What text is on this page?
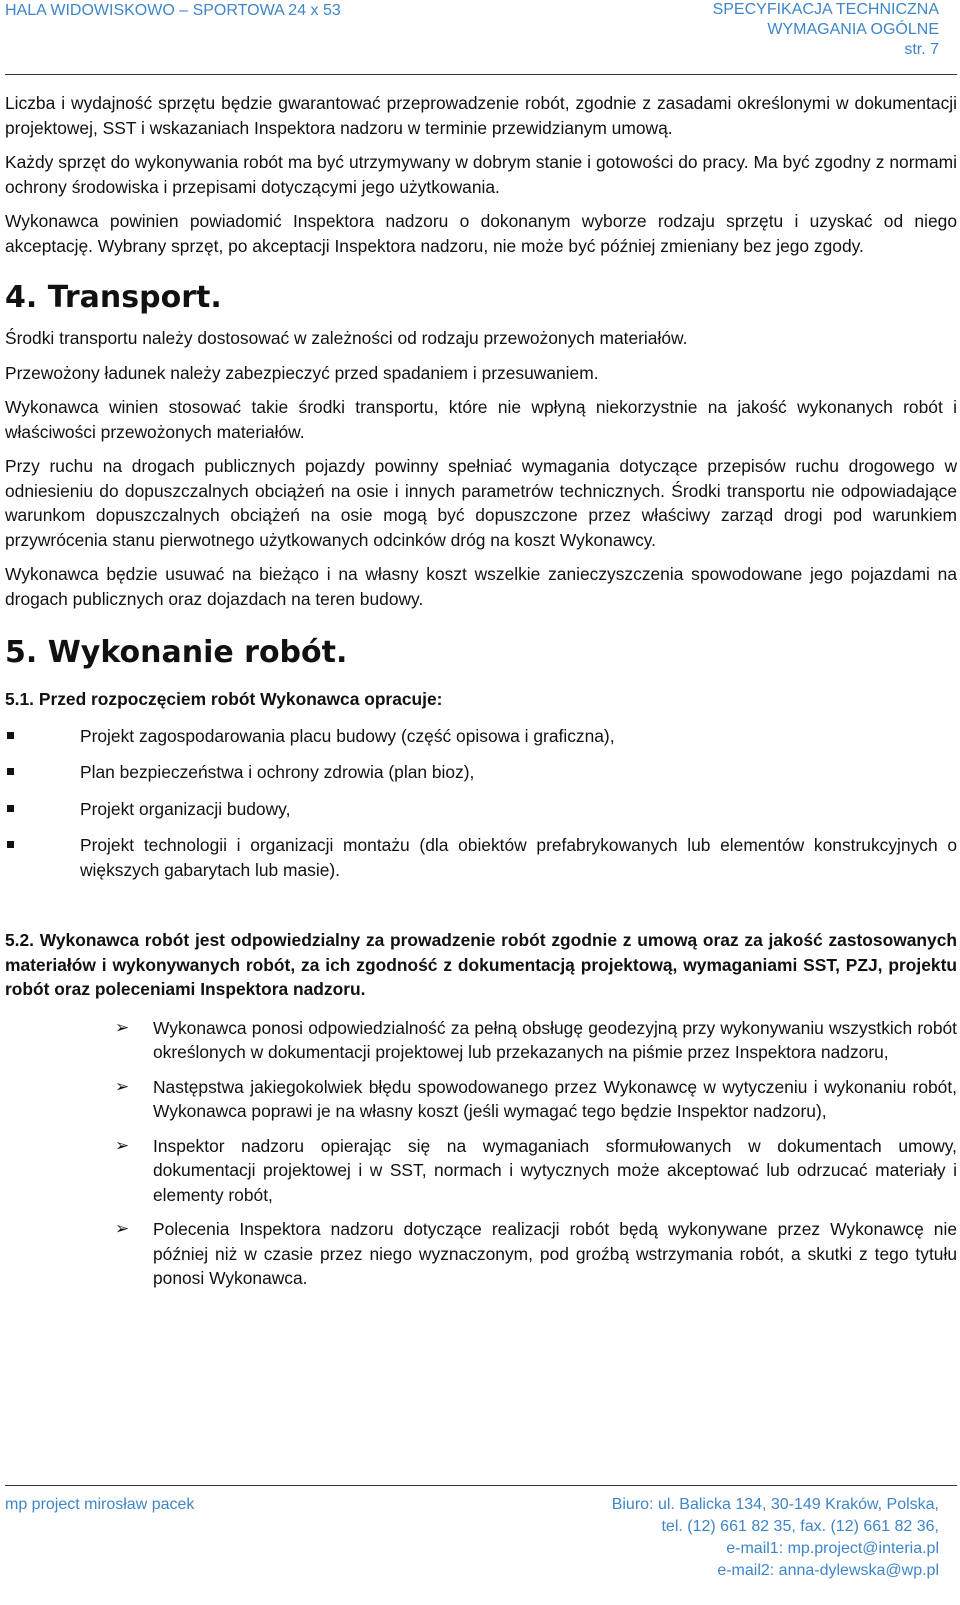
HALA WIDOWISKOWO – SPORTOWA 24 x 53	SPECYFIKACJA TECHNICZNA
WYMAGANIA OGÓLNE
str. 7

Liczba i wydajność sprzętu będzie gwarantować przeprowadzenie robót, zgodnie z zasadami określonymi w dokumentacji projektowej, SST i wskazaniach Inspektora nadzoru w terminie przewidzianym umową.

Każdy sprzęt do wykonywania robót ma być utrzymywany w dobrym stanie i gotowości do pracy. Ma być zgodny z normami ochrony środowiska i przepisami dotyczącymi jego użytkowania.

Wykonawca powinien powiadomić Inspektora nadzoru o dokonanym wyborze rodzaju sprzętu i uzyskać od niego akceptację. Wybrany sprzęt, po akceptacji Inspektora nadzoru, nie może być później zmieniany bez jego zgody.

4. Transport.

Środki transportu należy dostosować w zależności od rodzaju przewożonych materiałów.

Przewożony ładunek należy zabezpieczyć przed spadaniem i przesuwaniem.

Wykonawca winien stosować takie środki transportu, które nie wpłyną niekorzystnie na jakość wykonanych robót i właściwości przewożonych materiałów.

Przy ruchu na drogach publicznych pojazdy powinny spełniać wymagania dotyczące przepisów ruchu drogowego w odniesieniu do dopuszczalnych obciążeń na osie i innych parametrów technicznych. Środki transportu nie odpowiadające warunkom dopuszczalnych obciążeń na osie mogą być dopuszczone przez właściwy zarząd drogi pod warunkiem przywrócenia stanu pierwotnego użytkowanych odcinków dróg na koszt Wykonawcy.

Wykonawca będzie usuwać na bieżąco i na własny koszt wszelkie zanieczyszczenia spowodowane jego pojazdami na drogach publicznych oraz dojazdach na teren budowy.

5. Wykonanie robót.

5.1. Przed rozpoczęciem robót Wykonawca opracuje:

Projekt zagospodarowania placu budowy (część opisowa i graficzna),
Plan bezpieczeństwa i ochrony zdrowia (plan bioz),
Projekt organizacji budowy,
Projekt technologii i organizacji montażu (dla obiektów prefabrykowanych lub elementów konstrukcyjnych o większych gabarytach lub masie).

5.2. Wykonawca robót jest odpowiedzialny za prowadzenie robót zgodnie z umową oraz za jakość zastosowanych materiałów i wykonywanych robót, za ich zgodność z dokumentacją projektową, wymaganiami SST, PZJ, projektu robót oraz poleceniami Inspektora nadzoru.

➢ Wykonawca ponosi odpowiedzialność za pełną obsługę geodezyjną przy wykonywaniu wszystkich robót określonych w dokumentacji projektowej lub przekazanych na piśmie przez Inspektora nadzoru,
➢ Następstwa jakiegokolwiek błędu spowodowanego przez Wykonawcę w wytyczeniu i wykonaniu robót, Wykonawca poprawi je na własny koszt (jeśli wymagać tego będzie Inspektor nadzoru),
➢ Inspektor nadzoru opierając się na wymaganiach sformułowanych w dokumentach umowy, dokumentacji projektowej i w SST, normach i wytycznych może akceptować lub odrzucać materiały i elementy robót,
➢ Polecenia Inspektora nadzoru dotyczące realizacji robót będą wykonywane przez Wykonawcę nie później niż w czasie przez niego wyznaczonym, pod groźbą wstrzymania robót, a skutki z tego tytułu ponosi Wykonawca.
mp project mirosław pacek	Biuro: ul. Balicka 134, 30-149 Kraków, Polska,
tel. (12) 661 82 35, fax. (12) 661 82 36,
e-mail1: mp.project@interia.pl
e-mail2: anna-dylewska@wp.pl
